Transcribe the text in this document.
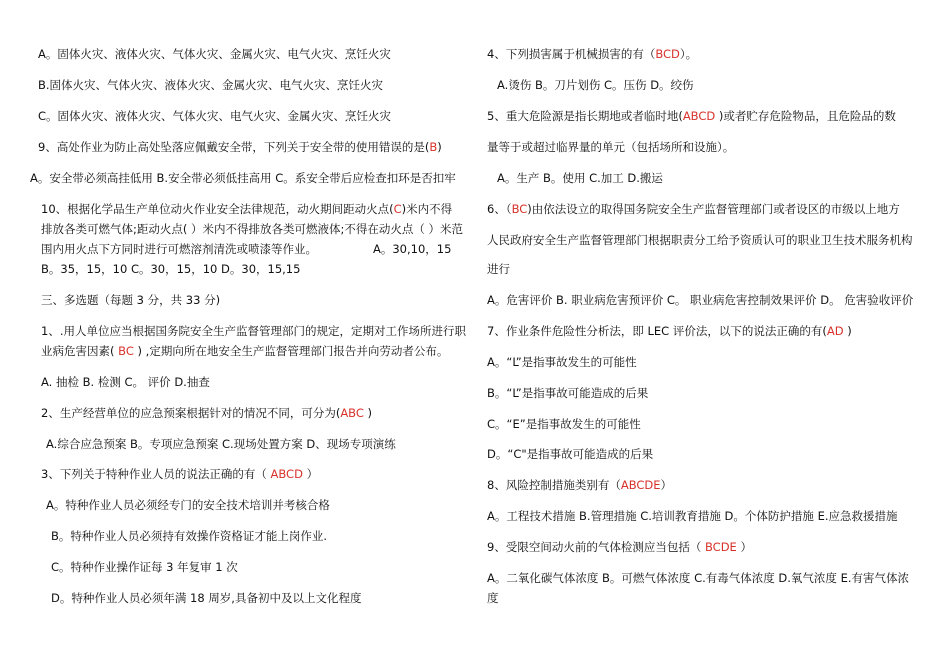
A。固体火灾、液体火灾、气体火灾、金属火灾、电气火灾、烹饪火灾
B.固体火灾、气体火灾、液体火灾、金属火灾、电气火灾、烹饪火灾
C。固体火灾、液体火灾、气体火灾、电气火灾、金属火灾、烹饪火灾
9、高处作业为防止高处坠落应佩戴安全带，下列关于安全带的使用错误的是(B)
A。安全带必须高挂低用 B.安全带必须低挂高用 C。系安全带后应检查扣环是否扣牢
10、根据化学品生产单位动火作业安全法律规范，动火期间距动火点(C)米内不得
排放各类可燃气体;距动火点( ）米内不得排放各类可燃液体;不得在动火点（ ）米范
围内用火点下方同时进行可燃溶剂清洗或喷漆等作业。	A。30,10，15
B。35，15，10 C。30，15，10 D。30，15,15
三、多选题（每题 3 分，共 33 分)
1、.用人单位应当根据国务院安全生产监督管理部门的规定，定期对工作场所进行职
业病危害因素( BC ) ,定期向所在地安全生产监督管理部门报告并向劳动者公布。
A. 抽检 B. 检测 C。 评价 D.抽查
2、生产经营单位的应急预案根据针对的情况不同，可分为(ABC )
A.综合应急预案 B。专项应急预案 C.现场处置方案 D、现场专项演练
3、下列关于特种作业人员的说法正确的有（ ABCD ）
A。特种作业人员必须经专门的安全技术培训并考核合格
B。特种作业人员必须持有效操作资格证才能上岗作业.
C。特种作业操作证每 3 年复审 1 次
D。特种作业人员必须年满 18 周岁,具备初中及以上文化程度
4、下列损害属于机械损害的有（BCD）。
A.烫伤 B。刀片划伤 C。压伤 D。绞伤
5、重大危险源是指长期地或者临时地(ABCD )或者贮存危险物品，且危险品的数
量等于或超过临界量的单元（包括场所和设施）。
A。生产 B。使用 C.加工 D.搬运
6、（BC)由依法设立的取得国务院安全生产监督管理部门或者设区的市级以上地方
人民政府安全生产监督管理部门根据职责分工给予资质认可的职业卫生技术服务机构
进行
A。危害评价 B. 职业病危害预评价 C。 职业病危害控制效果评价 D。 危害验收评价
7、作业条件危险性分析法，即 LEC 评价法，以下的说法正确的有(AD )
A。“L”是指事故发生的可能性
B。“L”是指事故可能造成的后果
C。“E”是指事故发生的可能性
D。“C"是指事故可能造成的后果
8、风险控制措施类别有（ABCDE）
A。工程技术措施 B.管理措施 C.培训教育措施 D。个体防护措施 E.应急救援措施
9、受限空间动火前的气体检测应当包括（ BCDE ）
A。二氧化碳气体浓度 B。可燃气体浓度 C.有毒气体浓度 D.氧气浓度 E.有害气体浓
度
